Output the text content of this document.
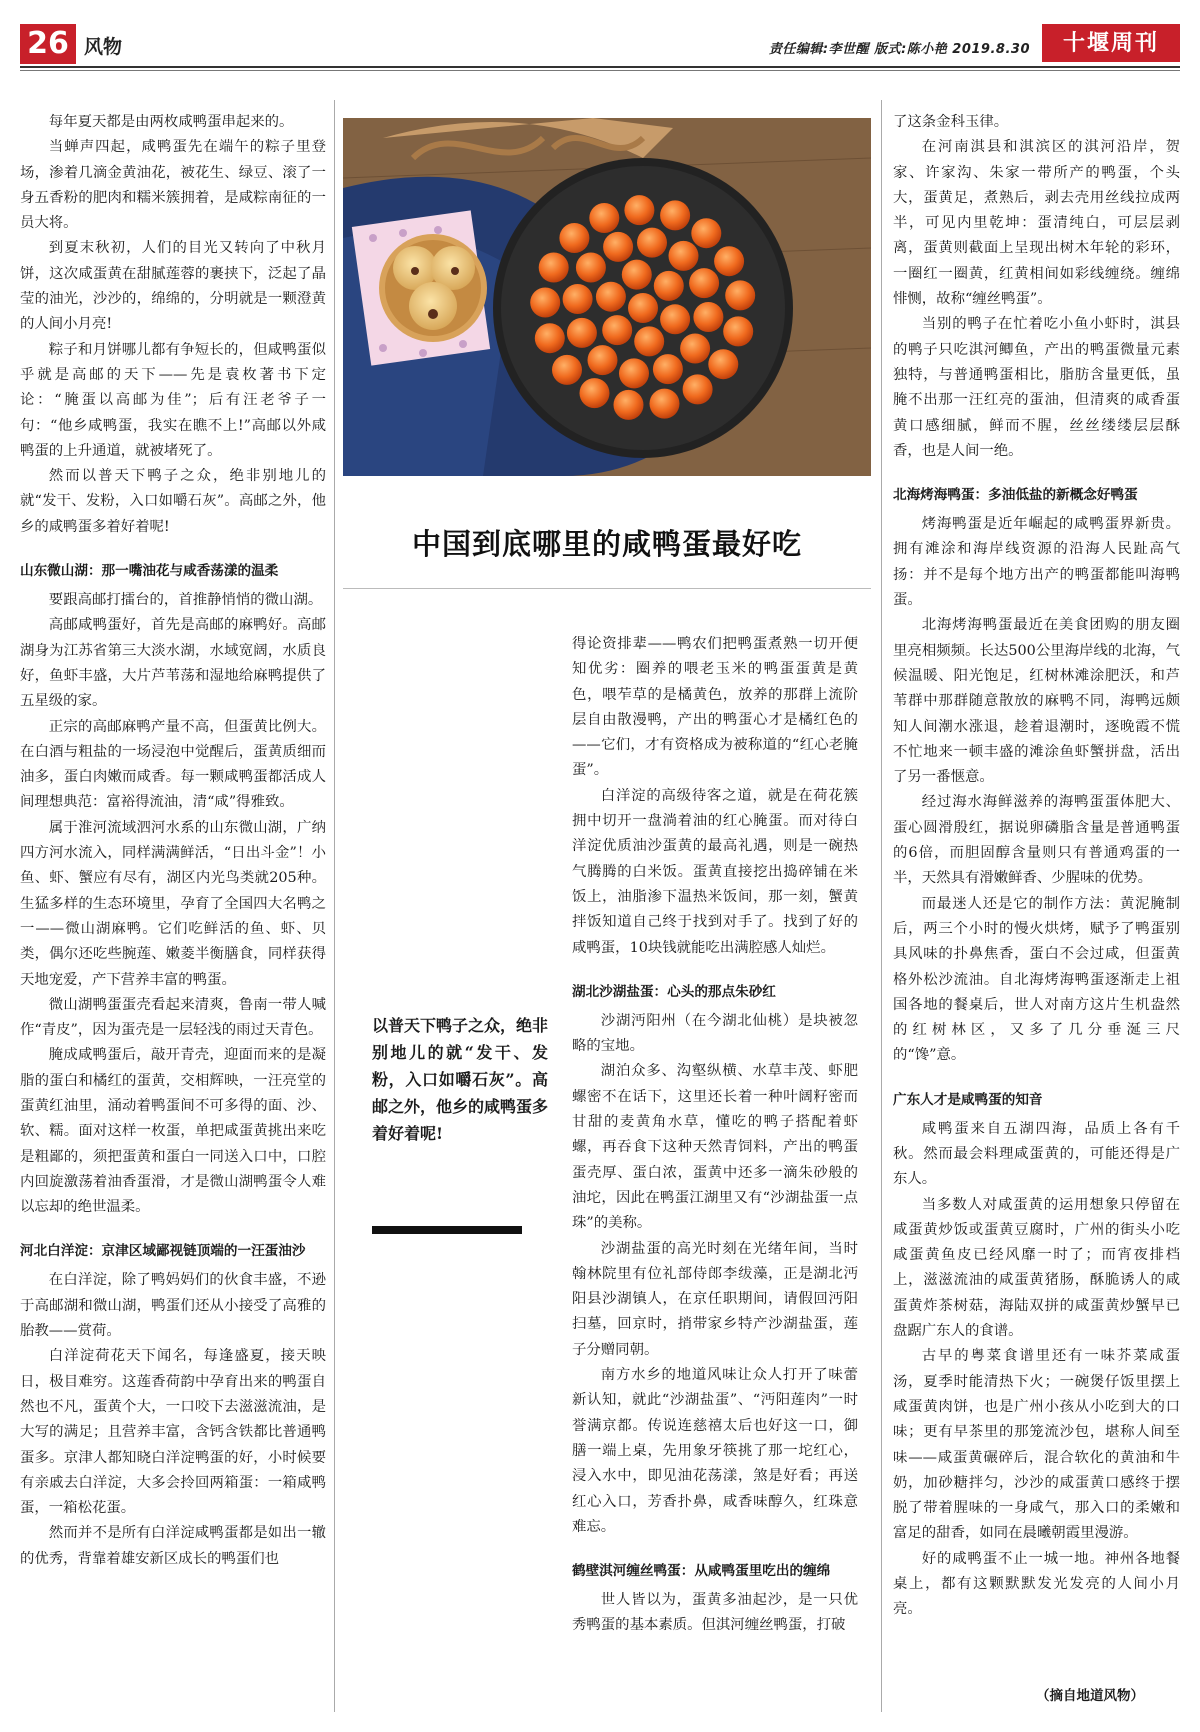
26 风物	责任编辑:李世醒 版式:陈小艳 2019.8.30	十堰周刊

每年夏天都是由两枚咸鸭蛋串起来的。

当蝉声四起，咸鸭蛋先在端午的粽子里登场，渗着几滴金黄油花，被花生、绿豆、滚了一身五香粉的肥肉和糯米簇拥着，是咸粽南征的一员大将。

到夏末秋初，人们的目光又转向了中秋月饼，这次咸蛋黄在甜腻莲蓉的裹挟下，泛起了晶莹的油光，沙沙的，绵绵的，分明就是一颗澄黄的人间小月亮!

粽子和月饼哪儿都有争短长的，但咸鸭蛋似乎就是高邮的天下——先是袁枚著书下定论：“腌蛋以高邮为佳”；后有汪老爷子一句：“他乡咸鸭蛋，我实在瞧不上!”高邮以外咸鸭蛋的上升通道，就被堵死了。

然而以普天下鸭子之众，绝非别地儿的就“发干、发粉，入口如嚼石灰”。高邮之外，他乡的咸鸭蛋多着好着呢!

山东微山湖：那一嘴油花与咸香荡漾的温柔

要跟高邮打擂台的，首推静悄悄的微山湖。

高邮咸鸭蛋好，首先是高邮的麻鸭好。高邮湖身为江苏省第三大淡水湖，水域宽阔，水质良好，鱼虾丰盛，大片芦苇荡和湿地给麻鸭提供了五星级的家。

正宗的高邮麻鸭产量不高，但蛋黄比例大。在白酒与粗盐的一场浸泡中觉醒后，蛋黄质细而油多，蛋白肉嫩而咸香。每一颗咸鸭蛋都活成人间理想典范：富裕得流油，清“咸”得雅致。

属于淮河流域泗河水系的山东微山湖，广纳四方河水流入，同样满满鲜活，“日出斗金”！小鱼、虾、蟹应有尽有，湖区内光鸟类就205种。生猛多样的生态环境里，孕育了全国四大名鸭之一——微山湖麻鸭。它们吃鲜活的鱼、虾、贝类，偶尔还吃些腕莲、嫩菱半衡膳食，同样获得天地宠爱，产下营养丰富的鸭蛋。

微山湖鸭蛋蛋壳看起来清爽，鲁南一带人喊作“青皮”，因为蛋壳是一层轻浅的雨过天青色。

腌成咸鸭蛋后，敲开青壳，迎面而来的是凝脂的蛋白和橘红的蛋黄，交相辉映，一汪亮堂的蛋黄红油里，涌动着鸭蛋间不可多得的面、沙、软、糯。面对这样一枚蛋，单把咸蛋黄挑出来吃是粗鄙的，须把蛋黄和蛋白一同送入口中，口腔内回旋激荡着油香蛋滑，才是微山湖鸭蛋令人难以忘却的绝世温柔。

河北白洋淀：京津区域鄙视链顶端的一汪蛋油沙

在白洋淀，除了鸭妈妈们的伙食丰盛，不逊于高邮湖和微山湖，鸭蛋们还从小接受了高雅的胎教——赏荷。

白洋淀荷花天下闻名，每逢盛夏，接天映日，极目难穷。这莲香荷韵中孕育出来的鸭蛋自然也不凡，蛋黄个大，一口咬下去滋滋流油，是大写的满足；且营养丰富，含钙含铁都比普通鸭蛋多。京津人都知晓白洋淀鸭蛋的好，小时候要有亲戚去白洋淀，大多会拎回两箱蛋：一箱咸鸭蛋，一箱松花蛋。

然而并不是所有白洋淀咸鸭蛋都是如出一辙的优秀，背靠着雄安新区成长的鸭蛋们也

中国到底哪里的咸鸭蛋最好吃
以普天下鸭子之众，绝非别地儿的就“发干、发粉，入口如嚼石灰”。高邮之外，他乡的咸鸭蛋多着好着呢!

得论资排辈——鸭农们把鸭蛋煮熟一切开便知优劣：圈养的喂老玉米的鸭蛋蛋黄是黄色，喂苲草的是橘黄色，放养的那群上流阶层自由散漫鸭，产出的鸭蛋心才是橘红色的——它们，才有资格成为被称道的“红心老腌蛋”。

白洋淀的高级待客之道，就是在荷花簇拥中切开一盘淌着油的红心腌蛋。而对待白洋淀优质油沙蛋黄的最高礼遇，则是一碗热气腾腾的白米饭。蛋黄直接挖出捣碎铺在米饭上，油脂渗下温热米饭间，那一刻，蟹黄拌饭知道自己终于找到对手了。找到了好的咸鸭蛋，10块钱就能吃出满腔感人灿烂。

湖北沙湖盐蛋：心头的那点朱砂红

沙湖沔阳州（在今湖北仙桃）是块被忽略的宝地。

湖泊众多、沟壑纵横、水草丰茂、虾肥螺密不在话下，这里还长着一种叶阔籽密而甘甜的麦黄角水草，懂吃的鸭子搭配着虾螺，再吞食下这种天然青饲料，产出的鸭蛋蛋壳厚、蛋白浓，蛋黄中还多一滴朱砂般的油坨，因此在鸭蛋江湖里又有“沙湖盐蛋一点珠”的美称。

沙湖盐蛋的高光时刻在光绪年间，当时翰林院里有位礼部侍郎李绂藻，正是湖北沔阳县沙湖镇人，在京任职期间，请假回沔阳扫墓，回京时，捎带家乡特产沙湖盐蛋，莲子分赠同朝。

南方水乡的地道风味让众人打开了味蕾新认知，就此“沙湖盐蛋”、“沔阳莲肉”一时誉满京都。传说连慈禧太后也好这一口，御膳一端上桌，先用象牙筷挑了那一坨红心，浸入水中，即见油花荡漾，煞是好看；再送红心入口，芳香扑鼻，咸香味醇久，红珠意难忘。

鹤壁淇河缠丝鸭蛋：从咸鸭蛋里吃出的缠绵

世人皆以为，蛋黄多油起沙，是一只优秀鸭蛋的基本素质。但淇河缠丝鸭蛋，打破

了这条金科玉律。

在河南淇县和淇滨区的淇河沿岸，贺家、许家沟、朱家一带所产的鸭蛋，个头大，蛋黄足，煮熟后，剥去壳用丝线拉成两半，可见内里乾坤：蛋清纯白，可层层剥离，蛋黄则截面上呈现出树木年轮的彩环，一圈红一圈黄，红黄相间如彩线缠绕。缠绵悱恻，故称“缠丝鸭蛋”。

当别的鸭子在忙着吃小鱼小虾时，淇县的鸭子只吃淇河鲫鱼，产出的鸭蛋微量元素独特，与普通鸭蛋相比，脂肪含量更低，虽腌不出那一汪红亮的蛋油，但清爽的咸香蛋黄口感细腻，鲜而不腥，丝丝缕缕层层酥香，也是人间一绝。

北海烤海鸭蛋：多油低盐的新概念好鸭蛋

烤海鸭蛋是近年崛起的咸鸭蛋界新贵。拥有滩涂和海岸线资源的沿海人民趾高气扬：并不是每个地方出产的鸭蛋都能叫海鸭蛋。

北海烤海鸭蛋最近在美食团购的朋友圈里亮相频频。长达500公里海岸线的北海，气候温暖、阳光饱足，红树林滩涂肥沃，和芦苇群中那群随意散放的麻鸭不同，海鸭远颇知人间潮水涨退，趁着退潮时，逐晚霞不慌不忙地来一顿丰盛的滩涂鱼虾蟹拼盘，活出了另一番惬意。

经过海水海鲜滋养的海鸭蛋蛋体肥大、蛋心圆滑殷红，据说卵磷脂含量是普通鸭蛋的6倍，而胆固醇含量则只有普通鸡蛋的一半，天然具有滑嫩鲜香、少腥味的优势。

而最迷人还是它的制作方法：黄泥腌制后，两三个小时的慢火烘烤，赋予了鸭蛋别具风味的扑鼻焦香，蛋白不会过咸，但蛋黄格外松沙流油。自北海烤海鸭蛋逐渐走上祖国各地的餐桌后，世人对南方这片生机盎然的红树林区，又多了几分垂涎三尺的“馋”意。

广东人才是咸鸭蛋的知音

咸鸭蛋来自五湖四海，品质上各有千秋。然而最会料理咸蛋黄的，可能还得是广东人。

当多数人对咸蛋黄的运用想象只停留在咸蛋黄炒饭或蛋黄豆腐时，广州的街头小吃咸蛋黄鱼皮已经风靡一时了；而宵夜排档上，滋滋流油的咸蛋黄猪肠，酥脆诱人的咸蛋黄炸茶树菇，海陆双拼的咸蛋黄炒蟹早已盘踞广东人的食谱。

古早的粤菜食谱里还有一味芥菜咸蛋汤，夏季时能清热下火；一碗煲仔饭里摆上咸蛋黄肉饼，也是广州小孩从小吃到大的口味；更有早茶里的那笼流沙包，堪称人间至味——咸蛋黄碾碎后，混合软化的黄油和牛奶，加砂糖拌匀，沙沙的咸蛋黄口感终于摆脱了带着腥味的一身咸气，那入口的柔嫩和富足的甜香，如同在晨曦朝霞里漫游。

好的咸鸭蛋不止一城一地。神州各地餐桌上，都有这颗默默发光发亮的人间小月亮。

（摘自地道风物）
